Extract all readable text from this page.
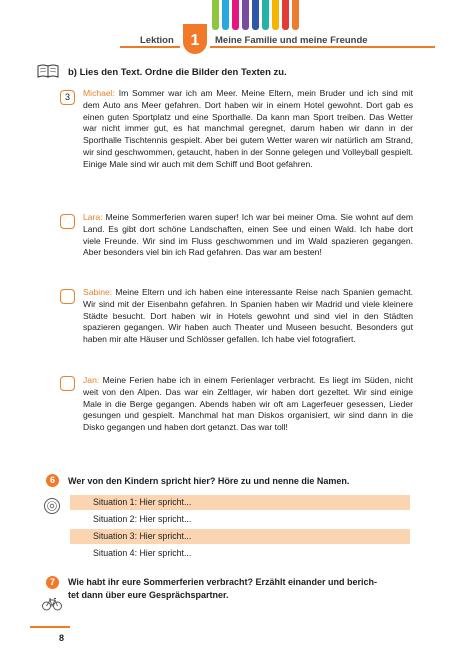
Lektion	1	Meine Familie und meine Freunde
b) Lies den Text. Ordne die Bilder den Texten zu.
3	Michael: Im Sommer war ich am Meer. Meine Eltern, mein Bruder und ich sind mit dem Auto ans Meer gefahren. Dort haben wir in einem Hotel gewohnt. Dort gab es einen guten Sportplatz und eine Sporthalle. Da kann man Sport treiben. Das Wetter war nicht immer gut, es hat manchmal geregnet, darum haben wir dann in der Sporthalle Tischtennis gespielt. Aber bei gutem Wetter waren wir natürlich am Strand, wir sind geschwommen, getaucht, haben in der Sonne gelegen und Volleyball gespielt. Einige Male sind wir auch mit dem Schiff und Boot gefahren.
Lara: Meine Sommerferien waren super! Ich war bei meiner Oma. Sie wohnt auf dem Land. Es gibt dort schöne Landschaften, einen See und einen Wald. Ich habe dort viele Freunde. Wir sind im Fluss geschwommen und im Wald spazieren gegangen. Aber besonders viel bin ich Rad gefahren. Das war am besten!
Sabine: Meine Eltern und ich haben eine interessante Reise nach Spanien gemacht. Wir sind mit der Eisenbahn gefahren. In Spanien haben wir Madrid und viele kleinere Städte besucht. Dort haben wir in Hotels gewohnt und sind viel in den Städten spazieren gegangen. Wir haben auch Theater und Museen besucht. Besonders gut haben mir alte Häuser und Schlösser gefallen. Ich habe viel fotografiert.
Jan: Meine Ferien habe ich in einem Ferienlager verbracht. Es liegt im Süden, nicht weit von den Alpen. Das war ein Zeltlager, wir haben dort gezeltet. Wir sind einige Male in die Berge gegangen. Abends haben wir oft am Lagerfeuer gesessen, Lieder gesungen und gespielt. Manchmal hat man Diskos organisiert, wir sind dann in die Disko gegangen und haben dort getanzt. Das war toll!
6	Wer von den Kindern spricht hier? Höre zu und nenne die Namen.
Situation 1: Hier spricht...
Situation 2: Hier spricht...
Situation 3: Hier spricht...
Situation 4: Hier spricht...
7	Wie habt ihr eure Sommerferien verbracht? Erzählt einander und berich-
tet dann über eure Gesprächspartner.
8
